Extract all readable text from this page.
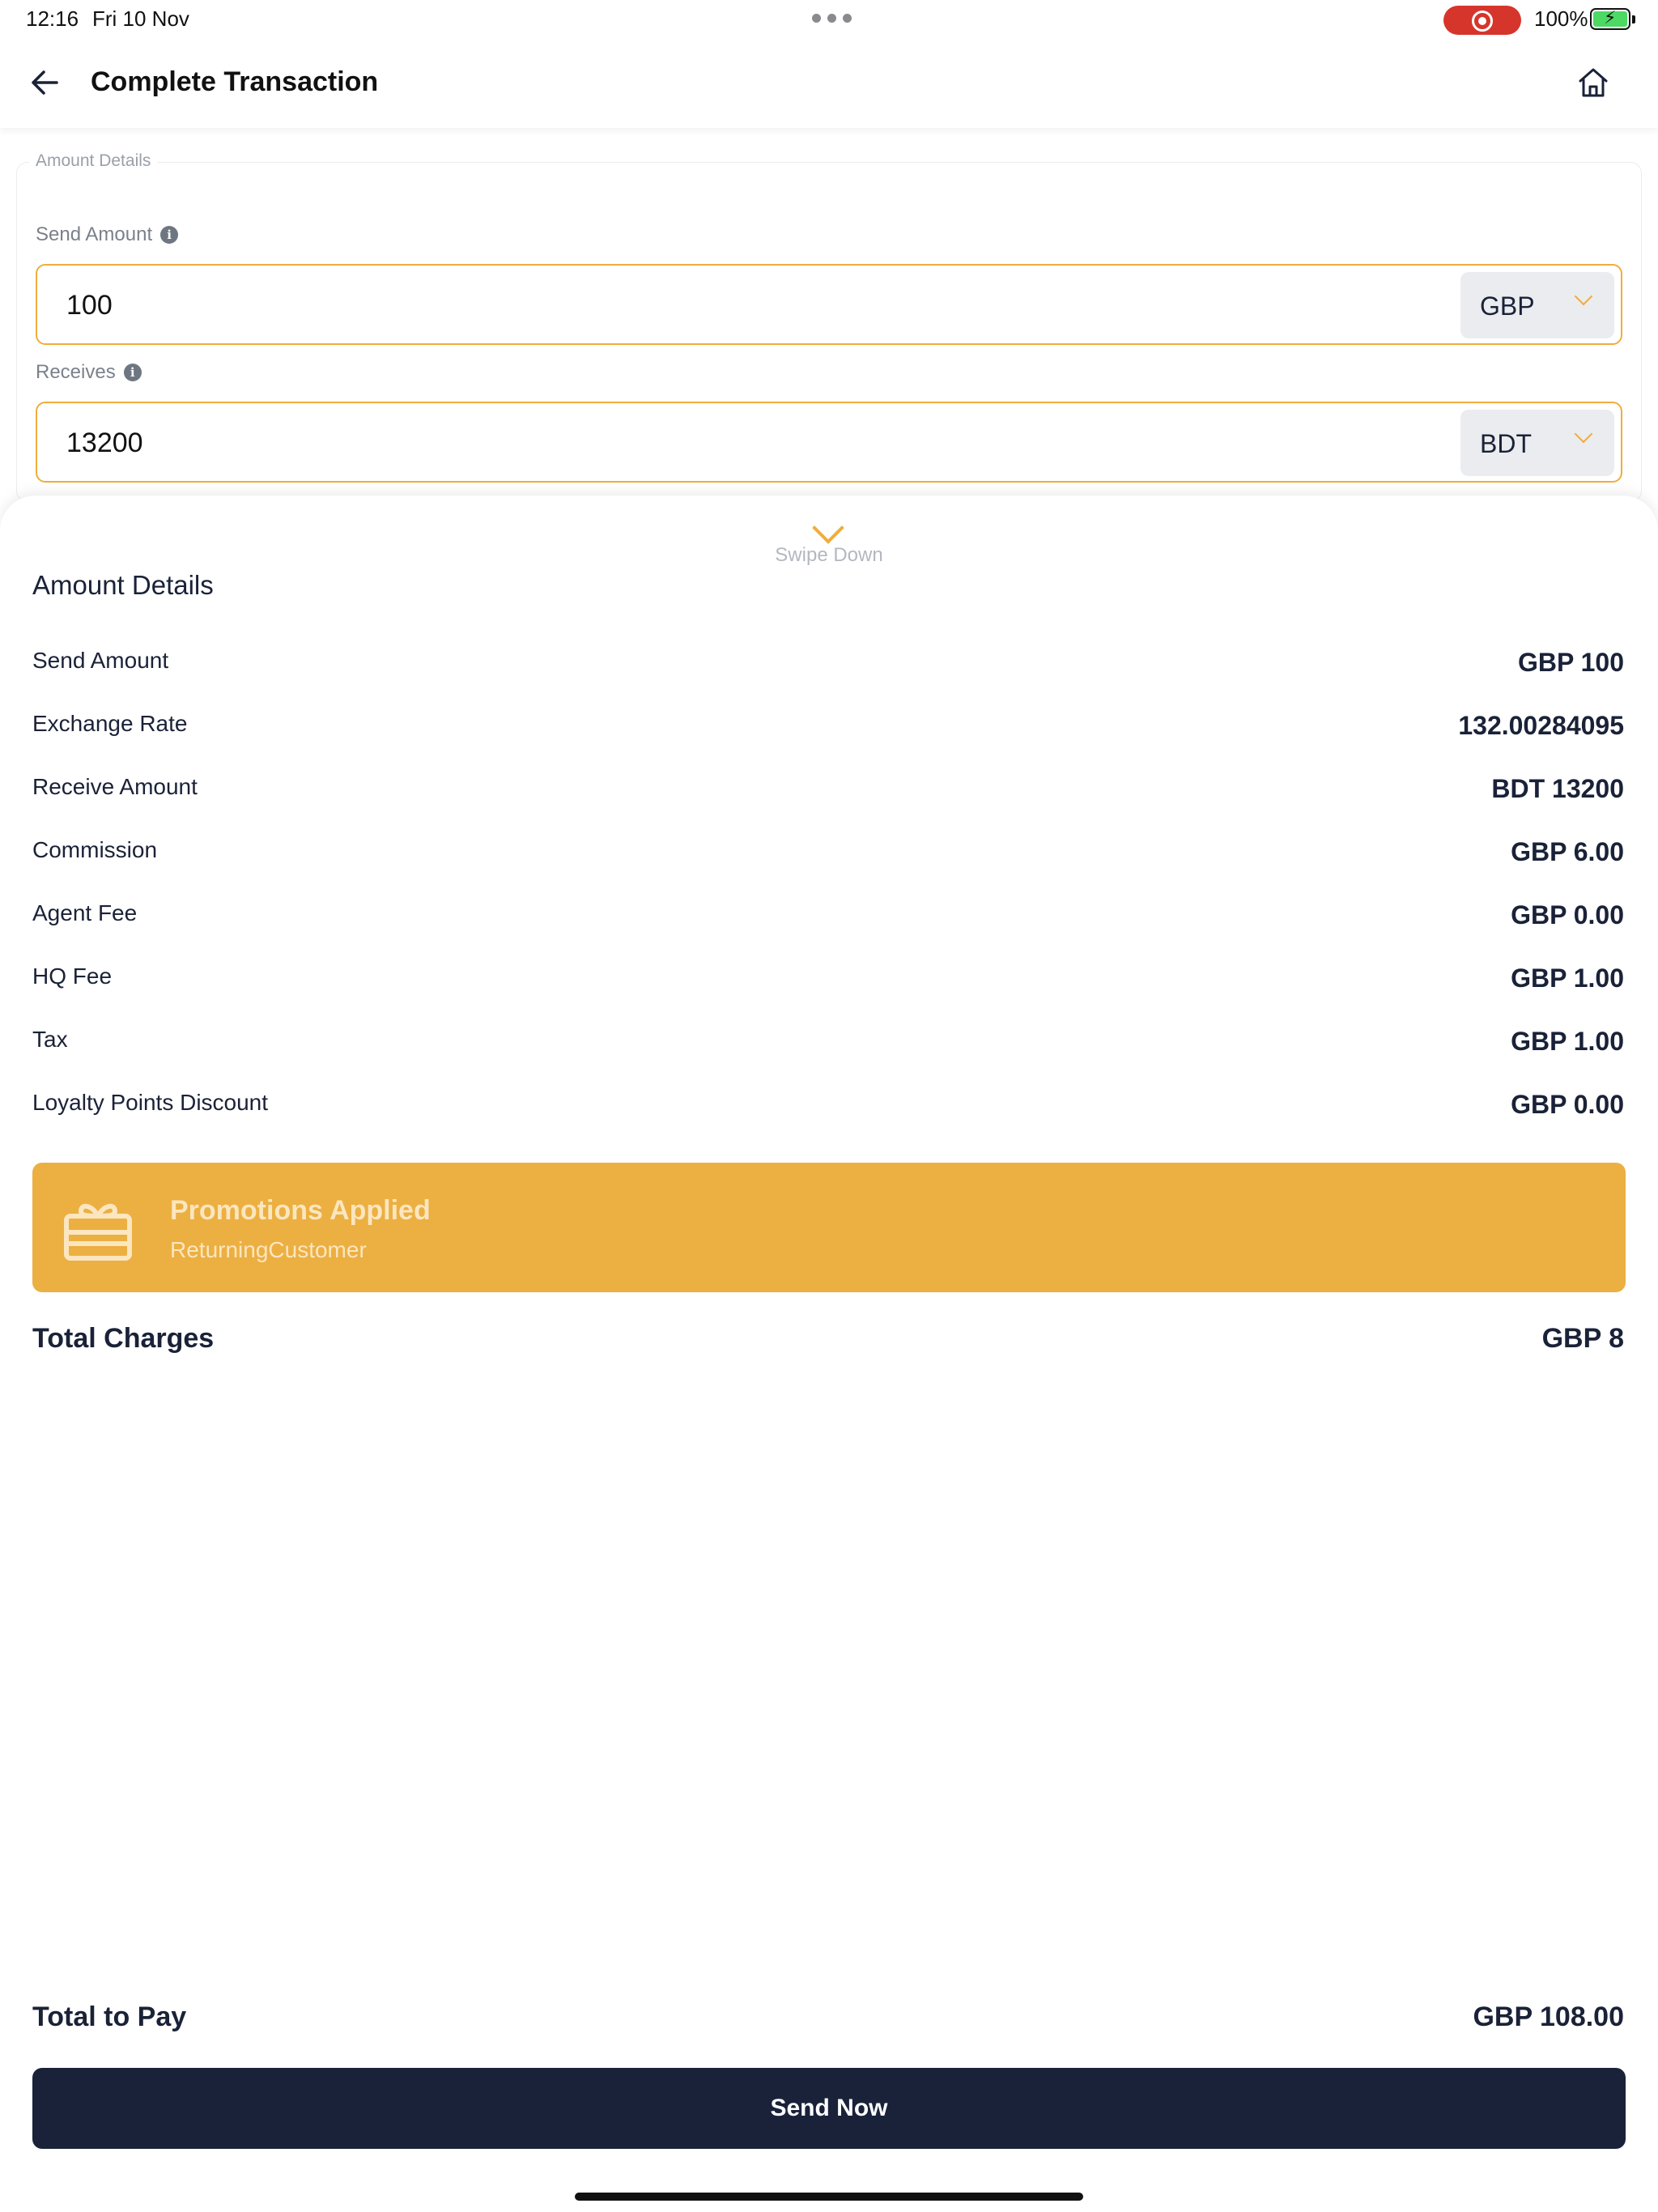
12:16 Fri 10 Nov	100%
⚡
Complete Transaction
Amount Details
Send Amount	i
100	GBP
Receives	i
13200	BDT
Swipe Down
Amount Details
Send Amount	GBP 100
Exchange Rate	132.00284095
Receive Amount	BDT 13200
Commission	GBP 6.00
Agent Fee	GBP 0.00
HQ Fee	GBP 1.00
Tax	GBP 1.00
Loyalty Points Discount	GBP 0.00
Promotions Applied
ReturningCustomer
Total Charges	GBP 8
Total to Pay	GBP 108.00
Send Now
